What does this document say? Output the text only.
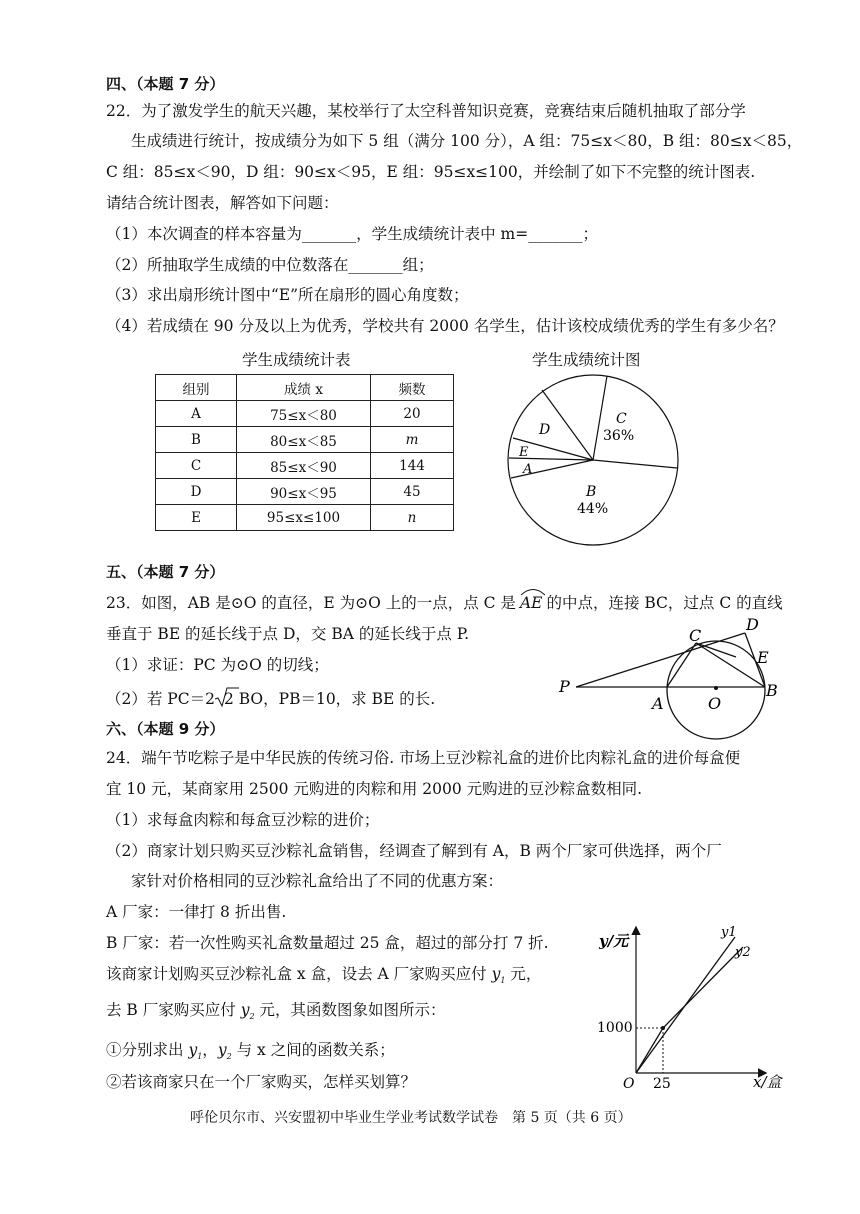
四、（本题 7 分）
22．为了激发学生的航天兴趣，某校举行了太空科普知识竞赛，竞赛结束后随机抽取了部分学
生成绩进行统计，按成绩分为如下 5 组（满分 100 分），A 组：75≤x＜80，B 组：80≤x＜85，
C 组：85≤x＜90，D 组：90≤x＜95，E 组：95≤x≤100，并绘制了如下不完整的统计图表.
请结合统计图表，解答如下问题：
（1）本次调查的样本容量为_______，学生成绩统计表中 m=_______；
（2）所抽取学生成绩的中位数落在_______组；
（3）求出扇形统计图中“E”所在扇形的圆心角度数；
（4）若成绩在 90 分及以上为优秀，学校共有 2000 名学生，估计该校成绩优秀的学生有多少名？
学生成绩统计表
组别	成绩 x	频数
A	75≤x＜80	20
B	80≤x＜85	m
C	85≤x＜90	144
D	90≤x＜95	45
E	95≤x≤100	n
学生成绩统计图
C
36%
D
E
A
B
44%
五、（本题 7 分）
23．如图，AB 是⊙O 的直径，E 为⊙O 上的一点，点 C 是 AE 的中点，连接 BC，过点 C 的直线
垂直于 BE 的延长线于点 D，交 BA 的延长线于点 P.
（1）求证：PC 为⊙O 的切线；
（2）若 PC＝2 2 BO，PB＝10，求 BE 的长.
P
A	O
B
C
D
E
六、（本题 9 分）
24．端午节吃粽子是中华民族的传统习俗. 市场上豆沙粽礼盒的进价比肉粽礼盒的进价每盒便
宜 10 元，某商家用 2500 元购进的肉粽和用 2000 元购进的豆沙粽盒数相同.
（1）求每盒肉粽和每盒豆沙粽的进价；
（2）商家计划只购买豆沙粽礼盒销售，经调查了解到有 A，B 两个厂家可供选择，两个厂
家针对价格相同的豆沙粽礼盒给出了不同的优惠方案：
A 厂家：一律打 8 折出售.
B 厂家：若一次性购买礼盒数量超过 25 盒，超过的部分打 7 折.
该商家计划购买豆沙粽礼盒 x 盒，设去 A 厂家购买应付 $y_1$ 元，
去 B 厂家购买应付 $y_2$ 元，其函数图象如图所示：
①分别求出 $y_1$，$y_2$ 与 x 之间的函数关系；
②若该商家只在一个厂家购买，怎样买划算？
y/元
x/盒
y1
y2
1000
25
O
呼伦贝尔市、兴安盟初中毕业生学业考试数学试卷　第 5 页（共 6 页）
